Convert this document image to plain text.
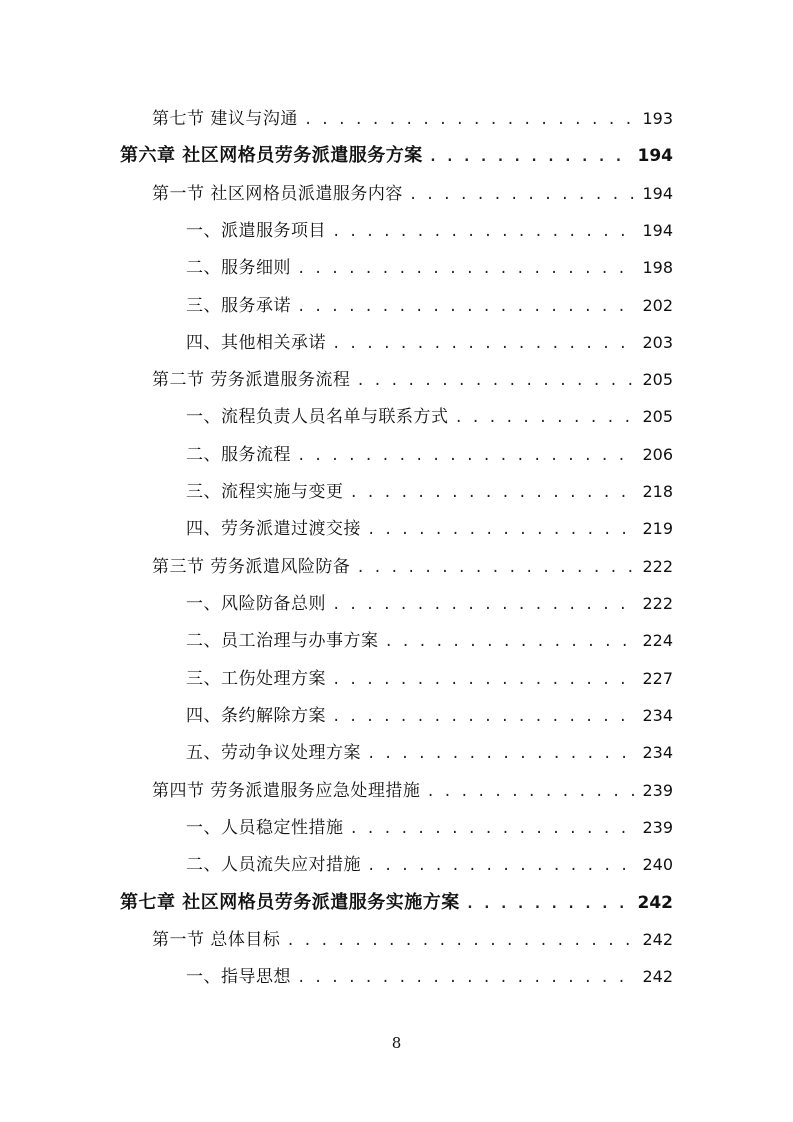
第七节 建议与沟通 . . .	193
第六章 社区网格员劳务派遣服务方案 . . .	194
第一节 社区网格员派遣服务内容 . . .	194
一、派遣服务项目 . . .	194
二、服务细则 . . .	198
三、服务承诺 . . .	202
四、其他相关承诺 . . .	203
第二节 劳务派遣服务流程 . . .	205
一、流程负责人员名单与联系方式 . . .	205
二、服务流程 . . .	206
三、流程实施与变更 . . .	218
四、劳务派遣过渡交接 . . .	219
第三节 劳务派遣风险防备 . . .	222
一、风险防备总则 . . .	222
二、员工治理与办事方案 . . .	224
三、工伤处理方案 . . .	227
四、条约解除方案 . . .	234
五、劳动争议处理方案 . . .	234
第四节 劳务派遣服务应急处理措施 . . .	239
一、人员稳定性措施 . . .	239
二、人员流失应对措施 . . .	240
第七章 社区网格员劳务派遣服务实施方案 . . .	242
第一节 总体目标 . . .	242
一、指导思想 . . .	242
8
